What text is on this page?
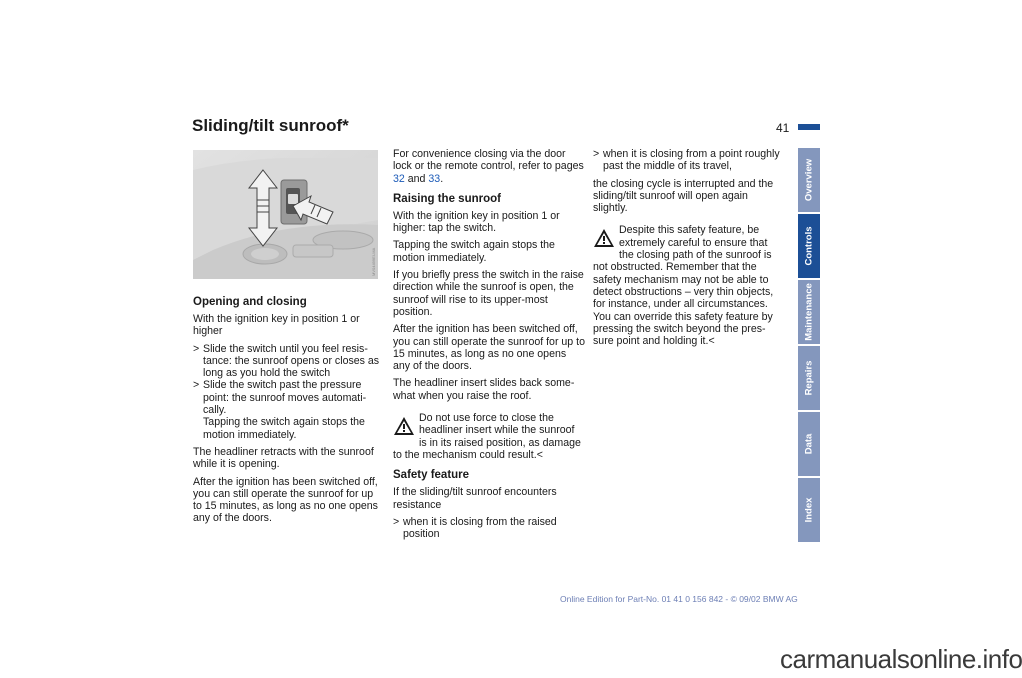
Sliding/tilt sunroof*	41
MV04499EI-MA
Opening and closing

With the ignition key in position 1 or higher

> Slide the switch until you feel resis-tance: the sunroof opens or closes as long as you hold the switch
> Slide the switch past the pressure point: the sunroof moves automati-cally.
Tapping the switch again stops the motion immediately.

The headliner retracts with the sunroof while it is opening.

After the ignition has been switched off, you can still operate the sunroof for up to 15 minutes, as long as no one opens any of the doors.

For convenience closing via the door lock or the remote control, refer to pages 32 and 33.

Raising the sunroof

With the ignition key in position 1 or higher: tap the switch.

Tapping the switch again stops the motion immediately.

If you briefly press the switch in the raise direction while the sunroof is open, the sunroof will rise to its upper-most position.

After the ignition has been switched off, you can still operate the sunroof for up to 15 minutes, as long as no one opens any of the doors.

The headliner insert slides back some-what when you raise the roof.

Do not use force to close the headliner insert while the sunroof is in its raised position, as damage to the mechanism could result.<
Safety feature

If the sliding/tilt sunroof encounters resistance

> when it is closing from the raised position
> when it is closing from a point roughly past the middle of its travel,

the closing cycle is interrupted and the sliding/tilt sunroof will open again slightly.

Despite this safety feature, be extremely careful to ensure that the closing path of the sunroof is not obstructed. Remember that the safety mechanism may not be able to detect obstructions – very thin objects, for instance, under all circumstances.
You can override this safety feature by pressing the switch beyond the pres-sure point and holding it.<
Overview
Controls
Maintenance
Repairs
Data
Index
Online Edition for Part-No. 01 41 0 156 842 - © 09/02 BMW AG
carmanualsonline.info
